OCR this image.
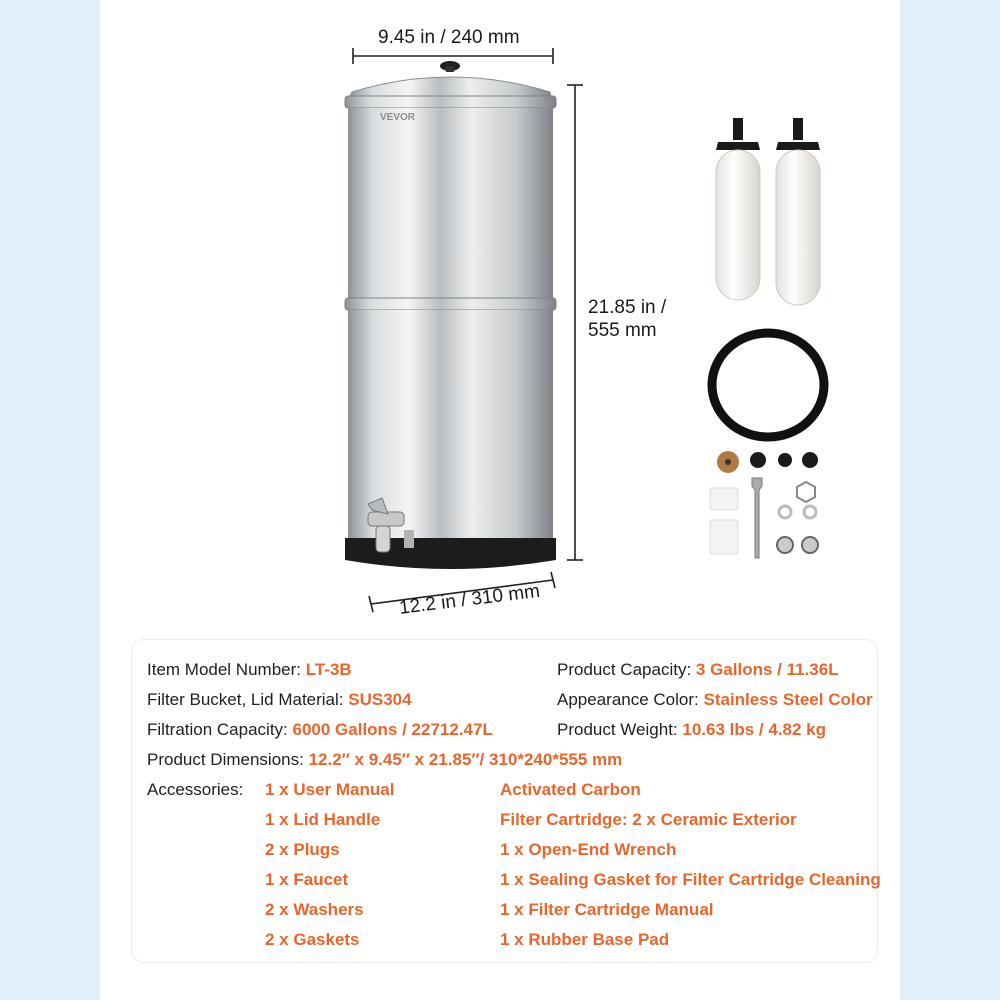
VEVOR
9.45 in / 240 mm
21.85 in /
555 mm
12.2 in / 310 mm
Item Model Number: LT-3B
Filter Bucket, Lid Material: SUS304
Filtration Capacity: 6000 Gallons / 22712.47L
Product Dimensions: 12.2′′ x 9.45′′ x 21.85′′/ 310*240*555 mm
Product Capacity: 3 Gallons / 11.36L
Appearance Color: Stainless Steel Color
Product Weight: 10.63 lbs / 4.82 kg
Accessories: 1 x User Manual
1 x Lid Handle
2 x Plugs
1 x Faucet
2 x Washers
2 x Gaskets
Activated Carbon
Filter Cartridge: 2 x Ceramic Exterior
1 x Open-End Wrench
1 x Sealing Gasket for Filter Cartridge Cleaning
1 x Filter Cartridge Manual
1 x Rubber Base Pad
